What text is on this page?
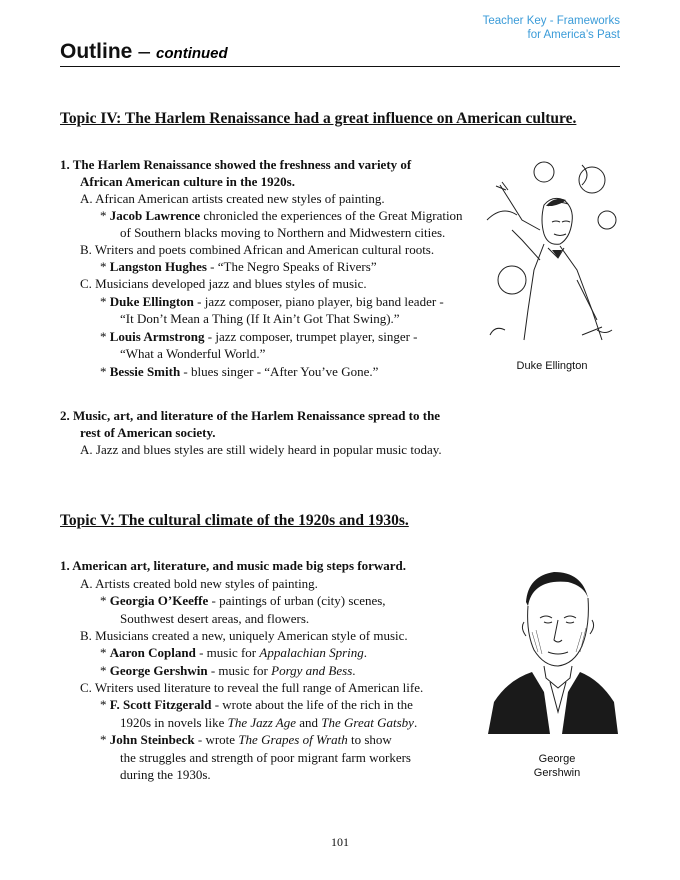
Teacher Key - Frameworks
for America’s Past
Outline – continued
Topic IV: The Harlem Renaissance had a great influence on American culture.
1. The Harlem Renaissance showed the freshness and variety of
African American culture in the 1920s.
A. African American artists created new styles of painting.
* Jacob Lawrence chronicled the experiences of the Great Migration
of Southern blacks moving to Northern and Midwestern cities.
B. Writers and poets combined African and American cultural roots.
* Langston Hughes - “The Negro Speaks of Rivers”
C. Musicians developed jazz and blues styles of music.
* Duke Ellington - jazz composer, piano player, big band leader -
“It Don’t Mean a Thing (If It Ain’t Got That Swing).”
* Louis Armstrong - jazz composer, trumpet player, singer -
“What a Wonderful World.”
* Bessie Smith - blues singer - “After You’ve Gone.”
2. Music, art, and literature of the Harlem Renaissance spread to the
rest of American society.
A. Jazz and blues styles are still widely heard in popular music today.
Duke Ellington
Topic V: The cultural climate of the 1920s and 1930s.
1. American art, literature, and music made big steps forward.
A. Artists created bold new styles of painting.
* Georgia O’Keeffe - paintings of urban (city) scenes,
Southwest desert areas, and flowers.
B. Musicians created a new, uniquely American style of music.
* Aaron Copland - music for Appalachian Spring.
* George Gershwin - music for Porgy and Bess.
C. Writers used literature to reveal the full range of American life.
* F. Scott Fitzgerald - wrote about the life of the rich in the
1920s in novels like The Jazz Age and The Great Gatsby.
* John Steinbeck - wrote The Grapes of Wrath to show
the struggles and strength of poor migrant farm workers
during the 1930s.
George
Gershwin
101
